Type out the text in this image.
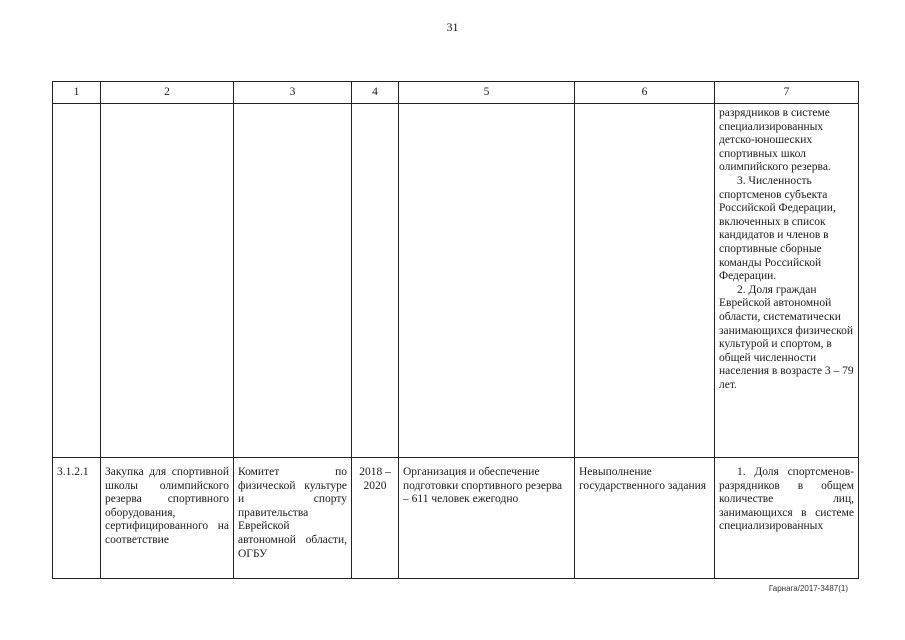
31
1	2	3	4	5	6	7

						разрядников в системе специализированных детско-юношеских спортивных школ олимпийского резерва.

3. Численность спортсменов субъекта Российской Федерации, включенных в список кандидатов и членов в спортивные сборные команды Российской Федерации.

2. Доля граждан Еврейской автономной области, систематически занимающихся физической культурой и спортом, в общей численности населения в возрасте 3 – 79 лет.

3.1.2.1	Закупка для спортивной школы олимпийского резерва спортивного оборудования, сертифицированного на соответствие	Комитет по физической культуре и спорту правительства Еврейской автономной области, ОГБУ	2018 – 2020	Организация и обеспечение подготовки спортивного резерва – 611 человек ежегодно	Невыполнение государственного задания	1. Доля спортсменов-разрядников в общем количестве лиц, занимающихся в системе специализированных
Гарнага/2017-3487(1)
